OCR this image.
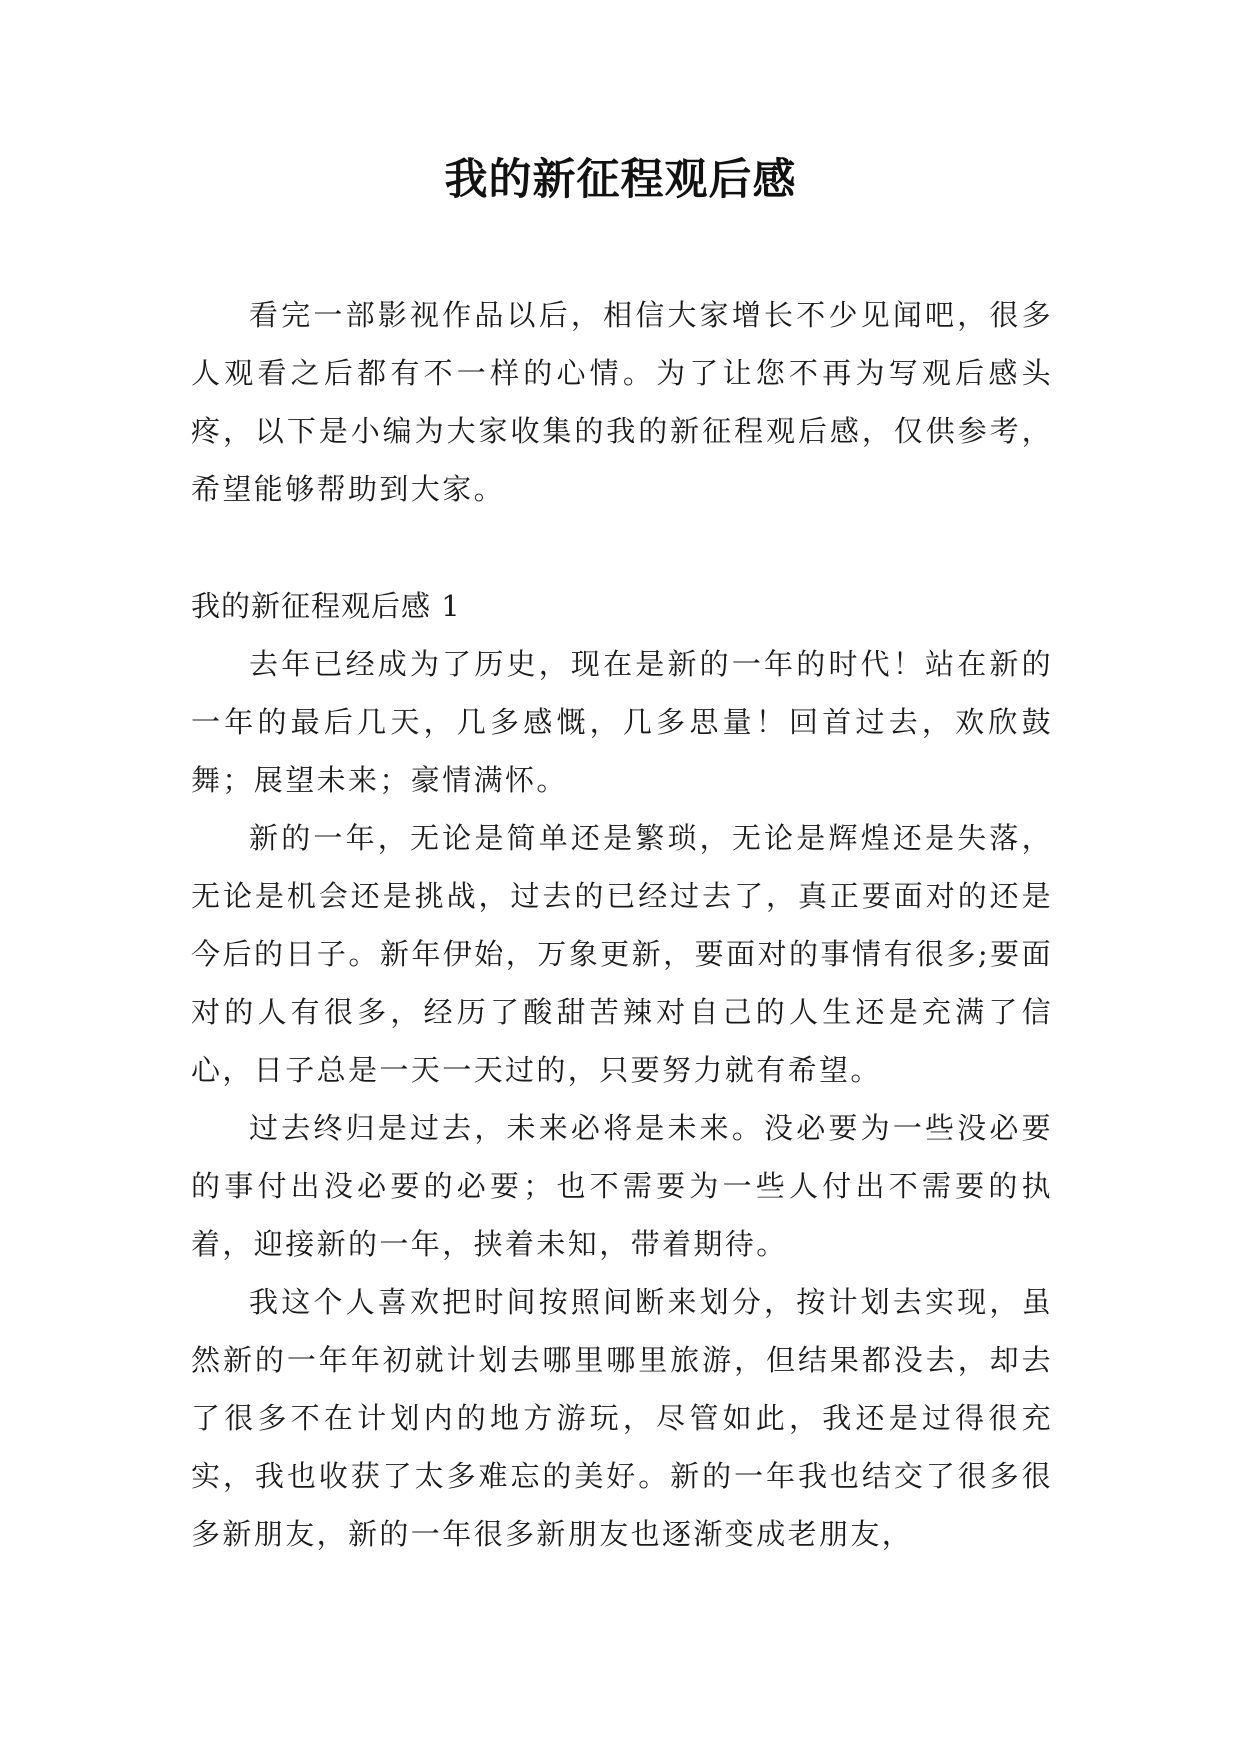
我的新征程观后感

看完一部影视作品以后，相信大家增长不少见闻吧，很多人观看之后都有不一样的心情。为了让您不再为写观后感头疼，以下是小编为大家收集的我的新征程观后感，仅供参考，希望能够帮助到大家。

我的新征程观后感 1

去年已经成为了历史，现在是新的一年的时代！站在新的一年的最后几天，几多感慨，几多思量！回首过去，欢欣鼓舞；展望未来；豪情满怀。

新的一年，无论是简单还是繁琐，无论是辉煌还是失落，无论是机会还是挑战，过去的已经过去了，真正要面对的还是今后的日子。新年伊始，万象更新，要面对的事情有很多;要面对的人有很多，经历了酸甜苦辣对自己的人生还是充满了信心，日子总是一天一天过的，只要努力就有希望。

过去终归是过去，未来必将是未来。没必要为一些没必要的事付出没必要的必要；也不需要为一些人付出不需要的执着，迎接新的一年，挟着未知，带着期待。

我这个人喜欢把时间按照间断来划分，按计划去实现，虽然新的一年年初就计划去哪里哪里旅游，但结果都没去，却去了很多不在计划内的地方游玩，尽管如此，我还是过得很充实，我也收获了太多难忘的美好。新的一年我也结交了很多很多新朋友，新的一年很多新朋友也逐渐变成老朋友，
